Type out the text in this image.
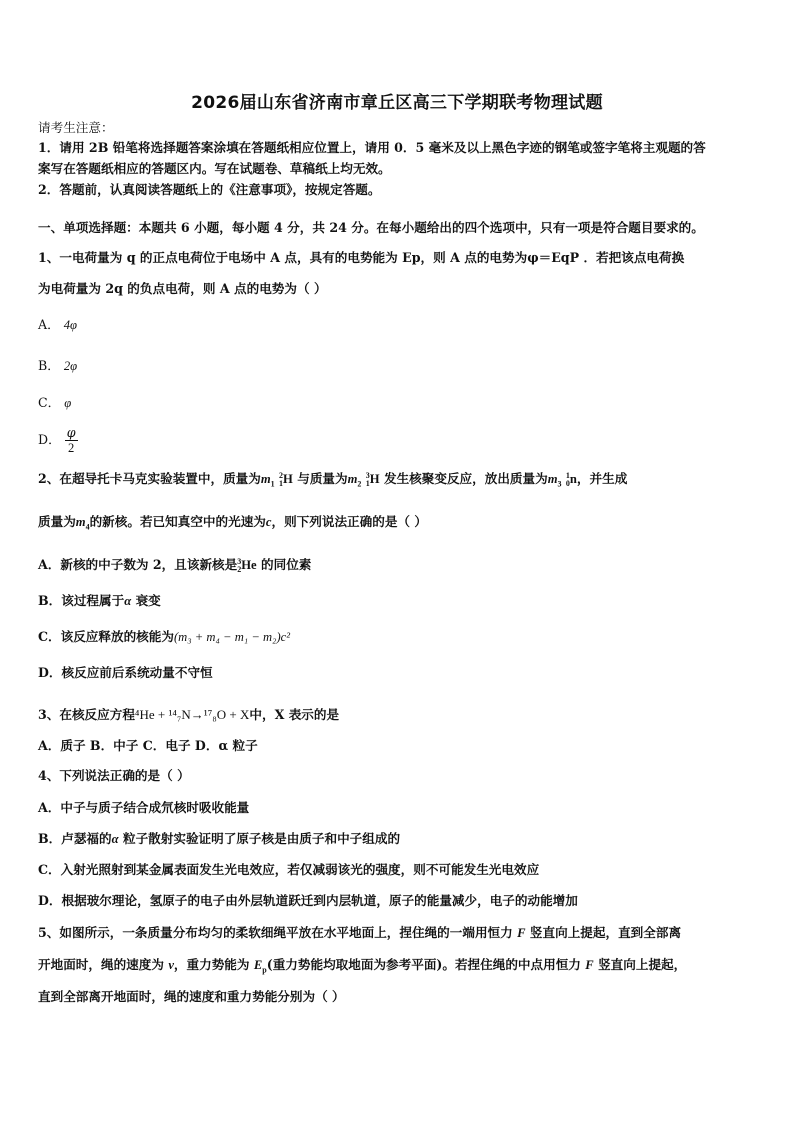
2026届山东省济南市章丘区高三下学期联考物理试题
请考生注意：
1．请用 2B 铅笔将选择题答案涂填在答题纸相应位置上，请用 0．5 毫米及以上黑色字迹的钢笔或签字笔将主观题的答
案写在答题纸相应的答题区内。写在试题卷、草稿纸上均无效。
2．答题前，认真阅读答题纸上的《注意事项》，按规定答题。
一、单项选择题：本题共 6 小题，每小题 4 分，共 24 分。在每小题给出的四个选项中，只有一项是符合题目要求的。
1、一电荷量为 q 的正点电荷位于电场中 A 点，具有的电势能为 Ep，则 A 点的电势为φ＝EqP ．若把该点电荷换
为电荷量为 2q 的负点电荷，则 A 点的电势为（ ）
A． 4φ
B． 2φ
C． φ
D． $\frac{\varphi}{2}$
2、在超导托卡马克实验装置中，质量为$m_1$
2
1 H 与质量为$m_2$
3
1 H 发生核聚变反应，放出质量为$m_3$
1
0 n，并生成
质量为$m_4$的新核。若已知真空中的光速为c，则下列说法正确的是（ ）
A．新核的中子数为 2，且该新核是 3
2 He 的同位素
B．该过程属于α 衰变
C．该反应释放的核能为(m₃ + m₄ − m₁ − m₂)c²
D．核反应前后系统动量不守恒
3、在核反应方程⁴He + ¹⁴₇N→¹⁷₈O + X中，X 表示的是
A．质子 B．中子 C．电子 D．α 粒子
4、下列说法正确的是（ ）
A．中子与质子结合成氘核时吸收能量
B．卢瑟福的α 粒子散射实验证明了原子核是由质子和中子组成的
C．入射光照射到某金属表面发生光电效应，若仅减弱该光的强度，则不可能发生光电效应
D．根据玻尔理论，氢原子的电子由外层轨道跃迁到内层轨道，原子的能量减少，电子的动能增加
5、如图所示，一条质量分布均匀的柔软细绳平放在水平地面上，捏住绳的一端用恒力 F 竖直向上提起，直到全部离
开地面时，绳的速度为 v，重力势能为 $E_p$(重力势能均取地面为参考平面)。若捏住绳的中点用恒力 F 竖直向上提起，
直到全部离开地面时，绳的速度和重力势能分别为（ ）
